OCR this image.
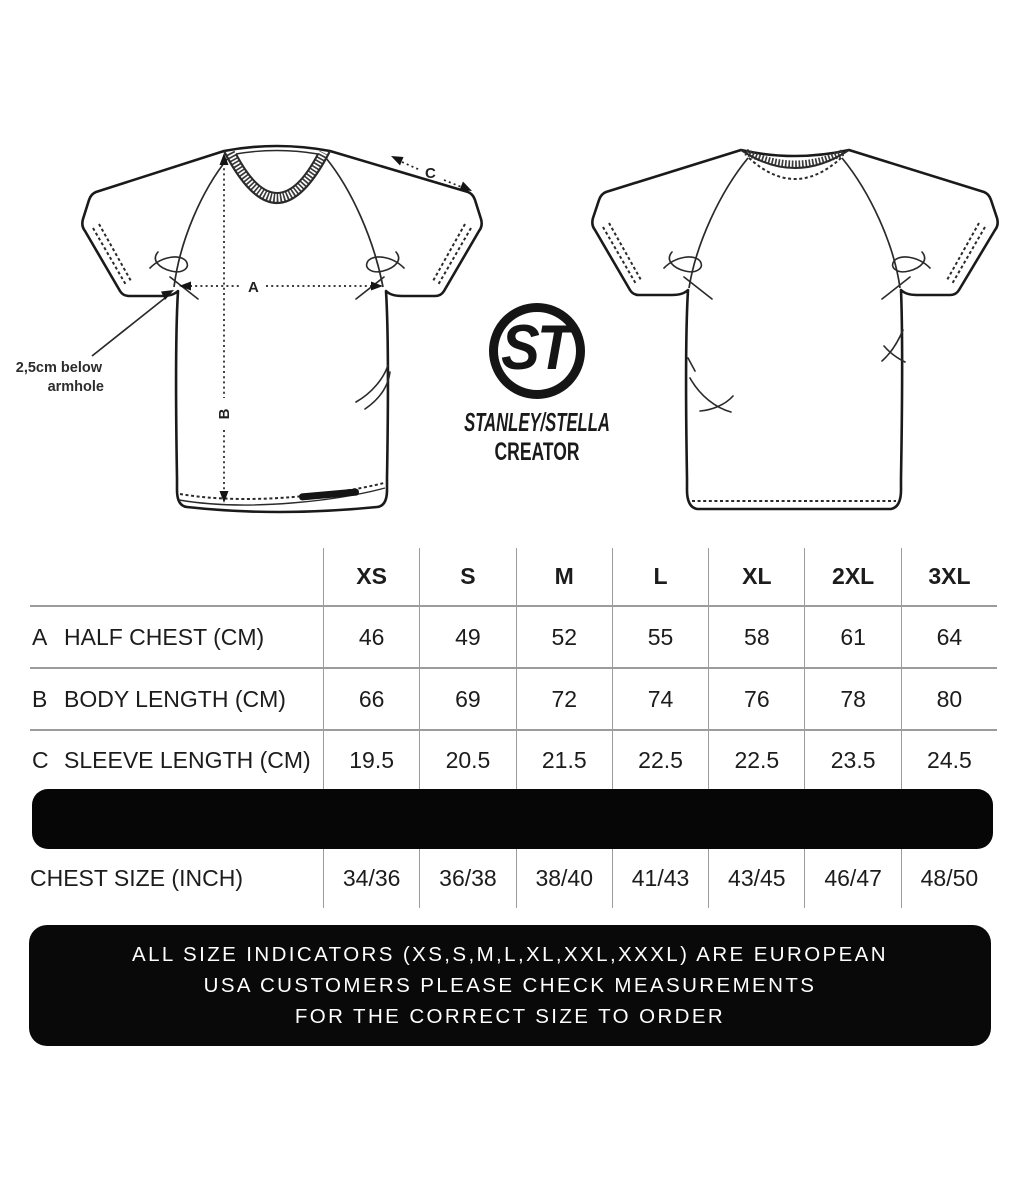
A
B
C
2,5cm below
armhole
ST
STANLEY/STELLA
CREATOR
XS	S	M	L	XL	2XL	3XL
A HALF CHEST (CM)	46	49	52	55	58	61	64
B BODY LENGTH (CM)	66	69	72	74	76	78	80
C SLEEVE LENGTH (CM)	19.5	20.5	21.5	22.5	22.5	23.5	24.5
CHEST SIZE (INCH)	34/36	36/38	38/40	41/43	43/45	46/47	48/50
ALL SIZE INDICATORS (XS,S,M,L,XL,XXL,XXXL) ARE EUROPEAN
USA CUSTOMERS PLEASE CHECK MEASUREMENTS
FOR THE CORRECT SIZE TO ORDER
